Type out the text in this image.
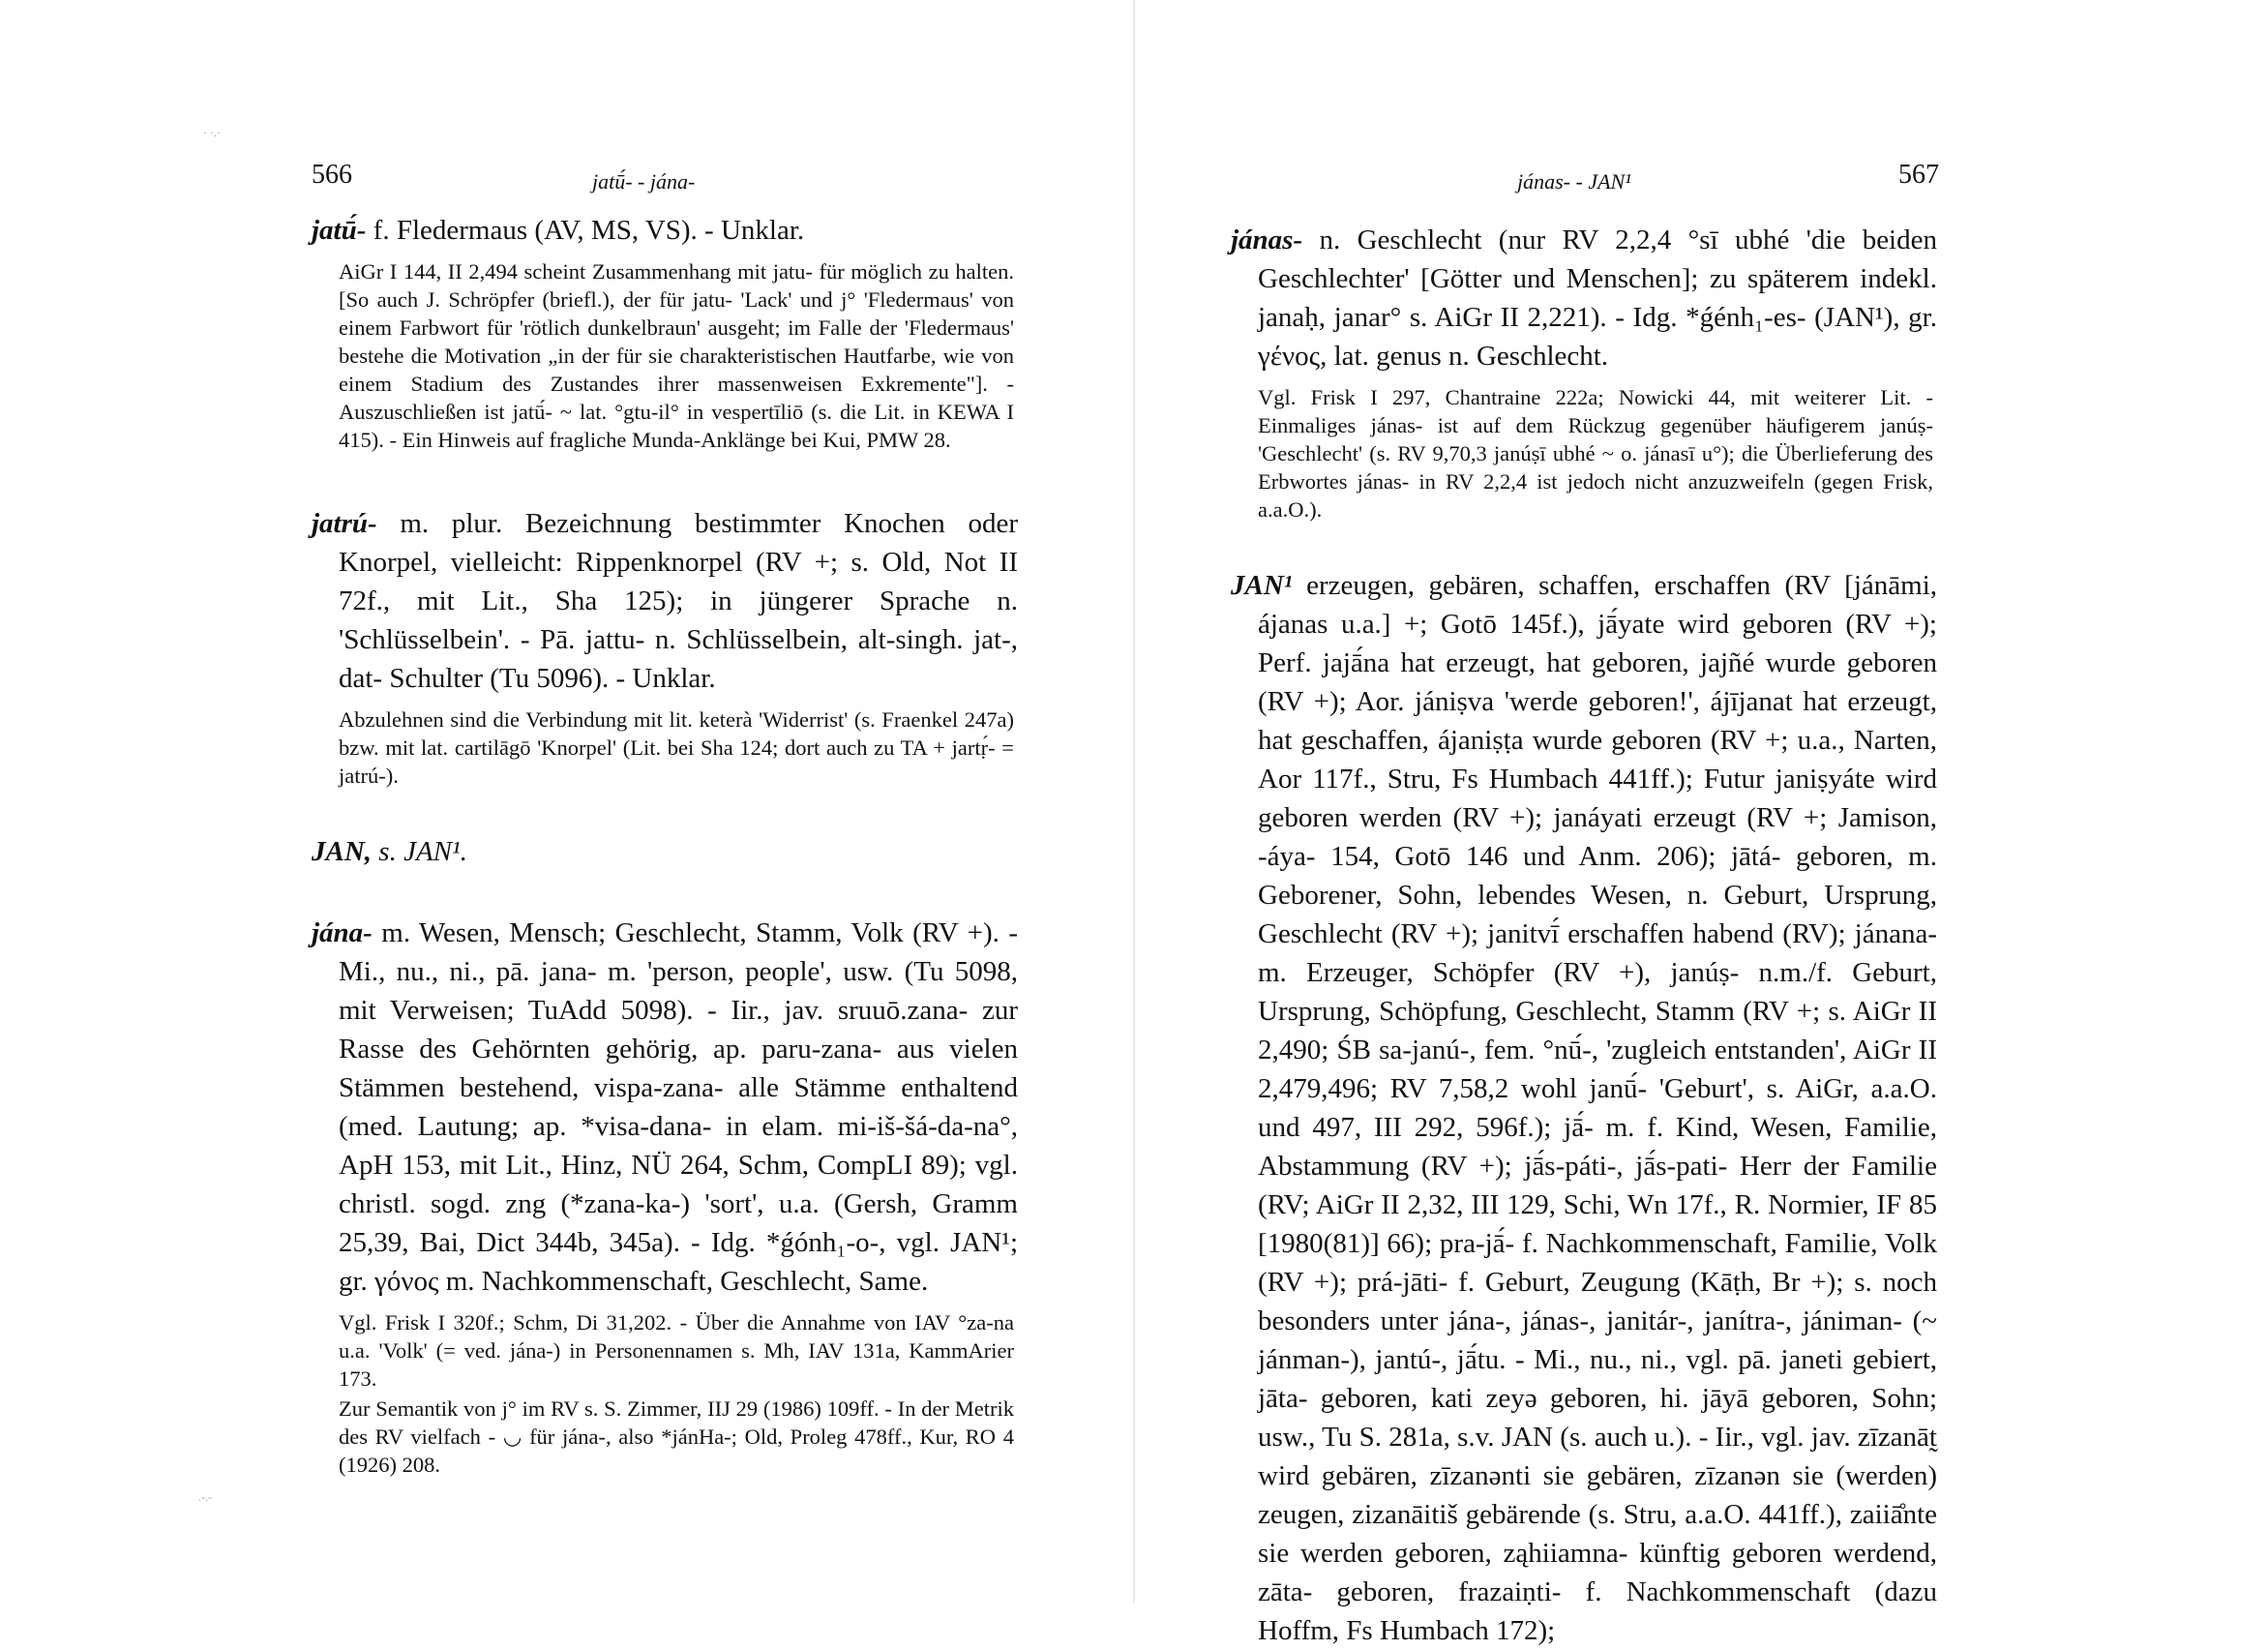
566	jatū́- - jána-
jatū́- f. Fledermaus (AV, MS, VS). - Unklar.
AiGr I 144, II 2,494 scheint Zusammenhang mit jatu- für möglich zu halten. [So auch J. Schröpfer (briefl.), der für jatu- 'Lack' und j° 'Fledermaus' von einem Farbwort für 'rötlich dunkelbraun' ausgeht; im Falle der 'Fledermaus' bestehe die Motivation „in der für sie charakteristischen Hautfarbe, wie von einem Stadium des Zustandes ihrer massenweisen Exkremente"]. - Auszuschließen ist jatū́- ~ lat. °gtu-il° in vespertīliō (s. die Lit. in KEWA I 415). - Ein Hinweis auf fragliche Munda-Anklänge bei Kui, PMW 28.
jatrú- m. plur. Bezeichnung bestimmter Knochen oder Knorpel, vielleicht: Rippenknorpel (RV +; s. Old, Not II 72f., mit Lit., Sha 125); in jüngerer Sprache n. 'Schlüsselbein'. - Pā. jattu- n. Schlüsselbein, alt-singh. jat-, dat- Schulter (Tu 5096). - Unklar.
Abzulehnen sind die Verbindung mit lit. keterà 'Widerrist' (s. Fraenkel 247a) bzw. mit lat. cartilāgō 'Knorpel' (Lit. bei Sha 124; dort auch zu TA + jartṛ́- = jatrú-).
JAN, s. JAN¹.
jána- m. Wesen, Mensch; Geschlecht, Stamm, Volk (RV +). - Mi., nu., ni., pā. jana- m. 'person, people', usw. (Tu 5098, mit Verweisen; TuAdd 5098). - Iir., jav. sruuō.zana- zur Rasse des Gehörnten gehörig, ap. paru-zana- aus vielen Stämmen bestehend, vispa-zana- alle Stämme enthaltend (med. Lautung; ap. *visa-dana- in elam. mi-iš-šá-da-na°, ApH 153, mit Lit., Hinz, NÜ 264, Schm, CompLI 89); vgl. christl. sogd. zng (*zana-ka-) 'sort', u.a. (Gersh, Gramm 25,39, Bai, Dict 344b, 345a). - Idg. *ǵónh₁-o-, vgl. JAN¹; gr. γόνος m. Nachkommenschaft, Geschlecht, Same.
Vgl. Frisk I 320f.; Schm, Di 31,202. - Über die Annahme von IAV °za-na u.a. 'Volk' (= ved. jána-) in Personennamen s. Mh, IAV 131a, KammArier 173.
Zur Semantik von j° im RV s. S. Zimmer, IIJ 29 (1986) 109ff. - In der Metrik des RV vielfach - ◡ für jána-, also *jánHa-; Old, Proleg 478ff., Kur, RO 4 (1926) 208.
· ·.·
.-.-
jánas- - JAN¹	567
jánas- n. Geschlecht (nur RV 2,2,4 °sī ubhé 'die beiden Geschlechter' [Götter und Menschen]; zu späterem indekl. janaḥ, janar° s. AiGr II 2,221). - Idg. *ǵénh₁-es- (JAN¹), gr. γένος, lat. genus n. Geschlecht.
Vgl. Frisk I 297, Chantraine 222a; Nowicki 44, mit weiterer Lit. - Einmaliges jánas- ist auf dem Rückzug gegenüber häufigerem janúṣ- 'Geschlecht' (s. RV 9,70,3 janúṣī ubhé ~ o. jánasī u°); die Überlieferung des Erbwortes jánas- in RV 2,2,4 ist jedoch nicht anzuzweifeln (gegen Frisk, a.a.O.).
JAN¹ erzeugen, gebären, schaffen, erschaffen (RV [jánāmi, ájanas u.a.] +; Gotō 145f.), jā́yate wird geboren (RV +); Perf. jajā́na hat erzeugt, hat geboren, jajñé wurde geboren (RV +); Aor. jániṣva 'werde geboren!', ájījanat hat erzeugt, hat geschaffen, ájaniṣṭa wurde geboren (RV +; u.a., Narten, Aor 117f., Stru, Fs Humbach 441ff.); Futur janiṣyáte wird geboren werden (RV +); janáyati erzeugt (RV +; Jamison, -áya- 154, Gotō 146 und Anm. 206); jātá- geboren, m. Geborener, Sohn, lebendes Wesen, n. Geburt, Ursprung, Geschlecht (RV +); janitvī́ erschaffen habend (RV); jánana- m. Erzeuger, Schöpfer (RV +), janúṣ- n.m./f. Geburt, Ursprung, Schöpfung, Geschlecht, Stamm (RV +; s. AiGr II 2,490; ŚB sa-janú-, fem. °nū́-, 'zugleich entstanden', AiGr II 2,479,496; RV 7,58,2 wohl janū́- 'Geburt', s. AiGr, a.a.O. und 497, III 292, 596f.); jā́- m. f. Kind, Wesen, Familie, Abstammung (RV +); jā́s-páti-, jā́s-pati- Herr der Familie (RV; AiGr II 2,32, III 129, Schi, Wn 17f., R. Normier, IF 85 [1980(81)] 66); pra-jā́- f. Nachkommenschaft, Familie, Volk (RV +); prá-jāti- f. Geburt, Zeugung (Kāṭh, Br +); s. noch besonders unter jána-, jánas-, janitár-, janítra-, jániman- (~ jánman-), jantú-, jā́tu. - Mi., nu., ni., vgl. pā. janeti gebiert, jāta- geboren, kati zeyə geboren, hi. jāyā geboren, Sohn; usw., Tu S. 281a, s.v. JAN (s. auch u.). - Iir., vgl. jav. zīzanāt̰ wird gebären, zīzanənti sie gebären, zīzanən sie (werden) zeugen, zizanāitiš gebärende (s. Stru, a.a.O. 441ff.), zaiiā̊nte sie werden geboren, ząhiiamna- künftig geboren werdend, zāta- geboren, frazaiṇti- f. Nachkommenschaft (dazu Hoffm, Fs Humbach 172);
